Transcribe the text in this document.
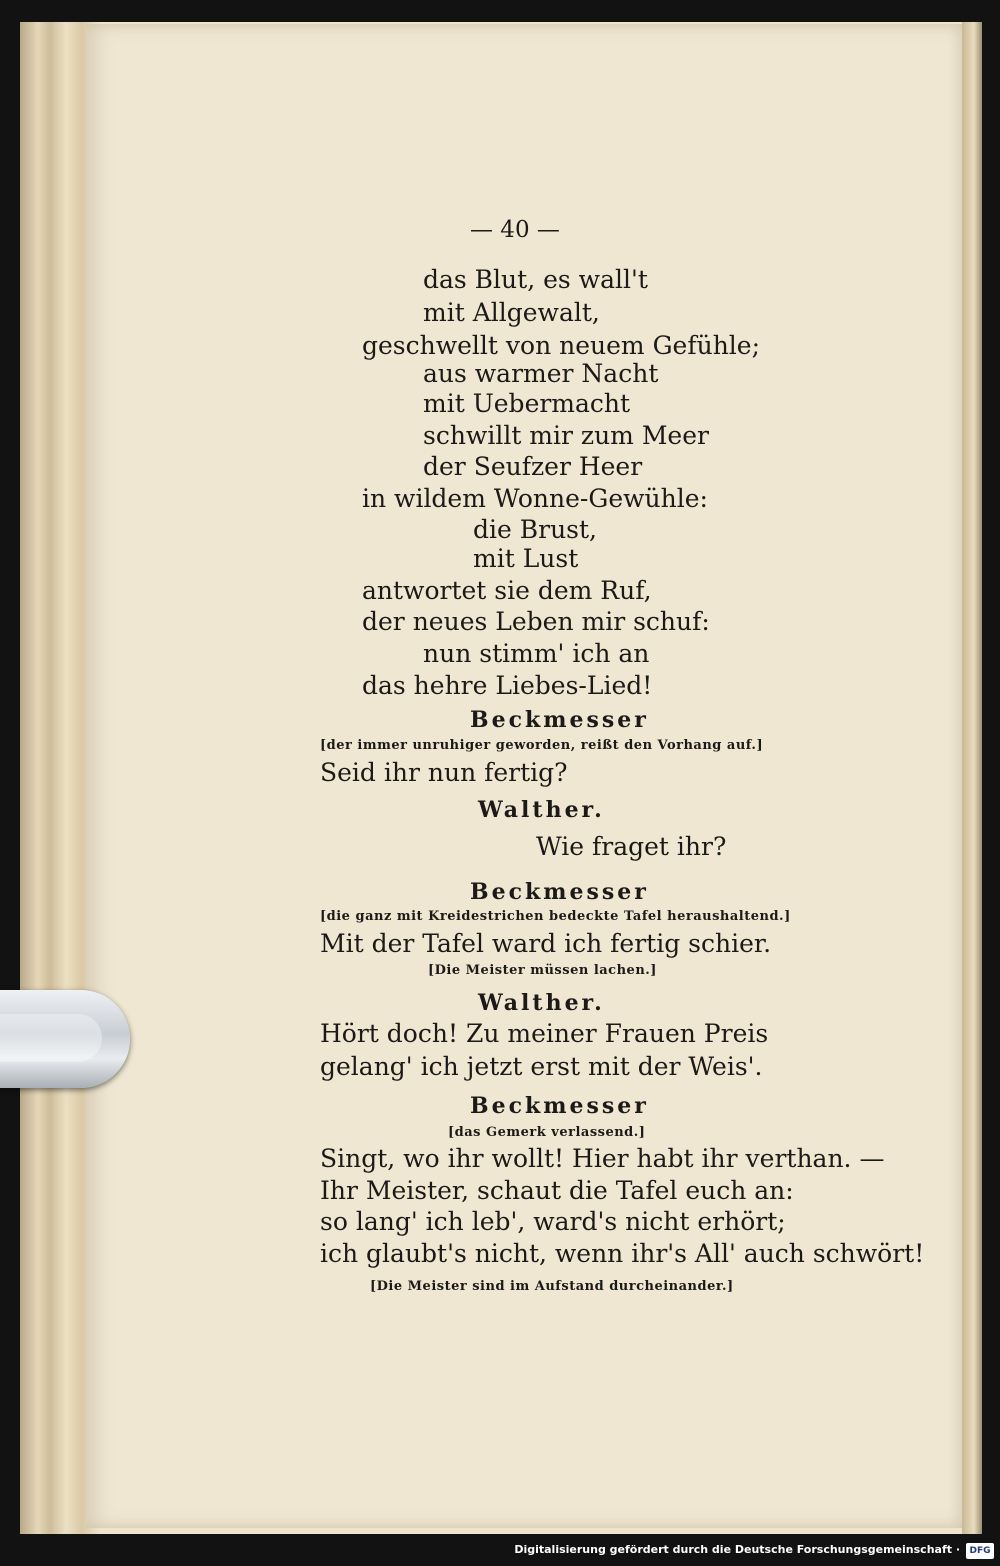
— 40 —
das Blut, es wall't
mit Allgewalt,
geschwellt von neuem Gefühle;
aus warmer Nacht
mit Uebermacht
schwillt mir zum Meer
der Seufzer Heer
in wildem Wonne-Gewühle:
die Brust,
mit Lust
antwortet sie dem Ruf,
der neues Leben mir schuf:
nun stimm' ich an
das hehre Liebes-Lied!
Beckmesser
[der immer unruhiger geworden, reißt den Vorhang auf.]
Seid ihr nun fertig?
Walther.
Wie fraget ihr?
Beckmesser
[die ganz mit Kreidestrichen bedeckte Tafel heraushaltend.]
Mit der Tafel ward ich fertig schier.
[Die Meister müssen lachen.]
Walther.
Hört doch! Zu meiner Frauen Preis
gelang' ich jetzt erst mit der Weis'.
Beckmesser
[das Gemerk verlassend.]
Singt, wo ihr wollt! Hier habt ihr verthan. —
Ihr Meister, schaut die Tafel euch an:
so lang' ich leb', ward's nicht erhört;
ich glaubt's nicht, wenn ihr's All' auch schwört!
[Die Meister sind im Aufstand durcheinander.]
Digitalisierung gefördert durch die Deutsche Forschungsgemeinschaft ·	DFG
